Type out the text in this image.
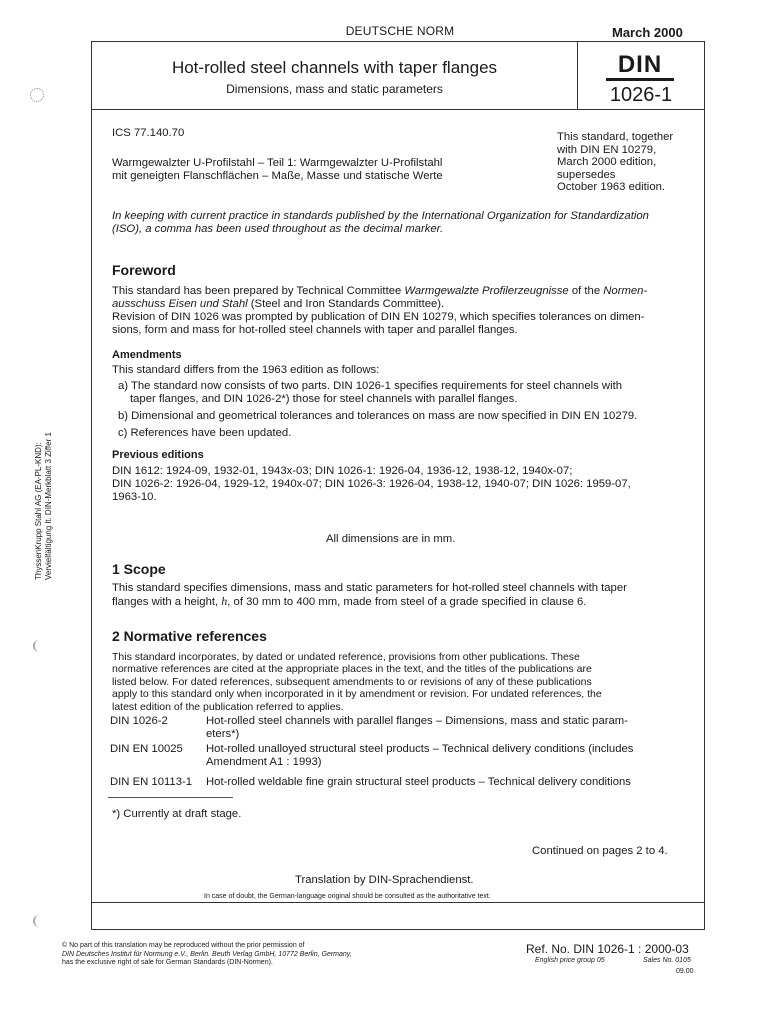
DEUTSCHE NORM	March 2000
ThyssenKrupp Stahl AG (EA-PL-KND): Vervielfältigung lt. DIN-Merkblatt 3 Ziffer 1
Hot-rolled steel channels with taper flanges
Dimensions, mass and static parameters
DIN
1026-1
ICS 77.140.70
Warmgewalzter U-Profilstahl – Teil 1: Warmgewalzter U-Profilstahl
mit geneigten Flanschflächen – Maße, Masse und statische Werte
This standard, together
with DIN EN 10279,
March 2000 edition,
supersedes
October 1963 edition.
In keeping with current practice in standards published by the International Organization for Standardization
(ISO), a comma has been used throughout as the decimal marker.
Foreword
This standard has been prepared by Technical Committee Warmgewalzte Profilerzeugnisse of the Normen-
ausschuss Eisen und Stahl (Steel and Iron Standards Committee).
Revision of DIN 1026 was prompted by publication of DIN EN 10279, which specifies tolerances on dimen-
sions, form and mass for hot-rolled steel channels with taper and parallel flanges.
Amendments
This standard differs from the 1963 edition as follows:
a) The standard now consists of two parts. DIN 1026-1 specifies requirements for steel channels with
taper flanges, and DIN 1026-2*) those for steel channels with parallel flanges.
b) Dimensional and geometrical tolerances and tolerances on mass are now specified in DIN EN 10279.
c) References have been updated.
Previous editions
DIN 1612: 1924-09, 1932-01, 1943x-03; DIN 1026-1: 1926-04, 1936-12, 1938-12, 1940x-07;
DIN 1026-2: 1926-04, 1929-12, 1940x-07; DIN 1026-3: 1926-04, 1938-12, 1940-07; DIN 1026: 1959-07,
1963-10.
All dimensions are in mm.
1 Scope
This standard specifies dimensions, mass and static parameters for hot-rolled steel channels with taper
flanges with a height, h, of 30 mm to 400 mm, made from steel of a grade specified in clause 6.
2 Normative references
This standard incorporates, by dated or undated reference, provisions from other publications. These
normative references are cited at the appropriate places in the text, and the titles of the publications are
listed below. For dated references, subsequent amendments to or revisions of any of these publications
apply to this standard only when incorporated in it by amendment or revision. For undated references, the
latest edition of the publication referred to applies.
DIN 1026-2	Hot-rolled steel channels with parallel flanges – Dimensions, mass and static param-
eters*)
DIN EN 10025 Hot-rolled unalloyed structural steel products – Technical delivery conditions (includes
Amendment A1 : 1993)
DIN EN 10113-1 Hot-rolled weldable fine grain structural steel products – Technical delivery conditions
*) Currently at draft stage.
Continued on pages 2 to 4.
Translation by DIN-Sprachendienst.
In case of doubt, the German-language original should be consulted as the authoritative text.
© No part of this translation may be reproduced without the prior permission of
DIN Deutsches Institut für Normung e.V., Berlin. Beuth Verlag GmbH, 10772 Berlin, Germany,
has the exclusive right of sale for German Standards (DIN-Normen).
Ref. No. DIN 1026-1 : 2000-03
English price group 05	Sales No. 0105
09.00
